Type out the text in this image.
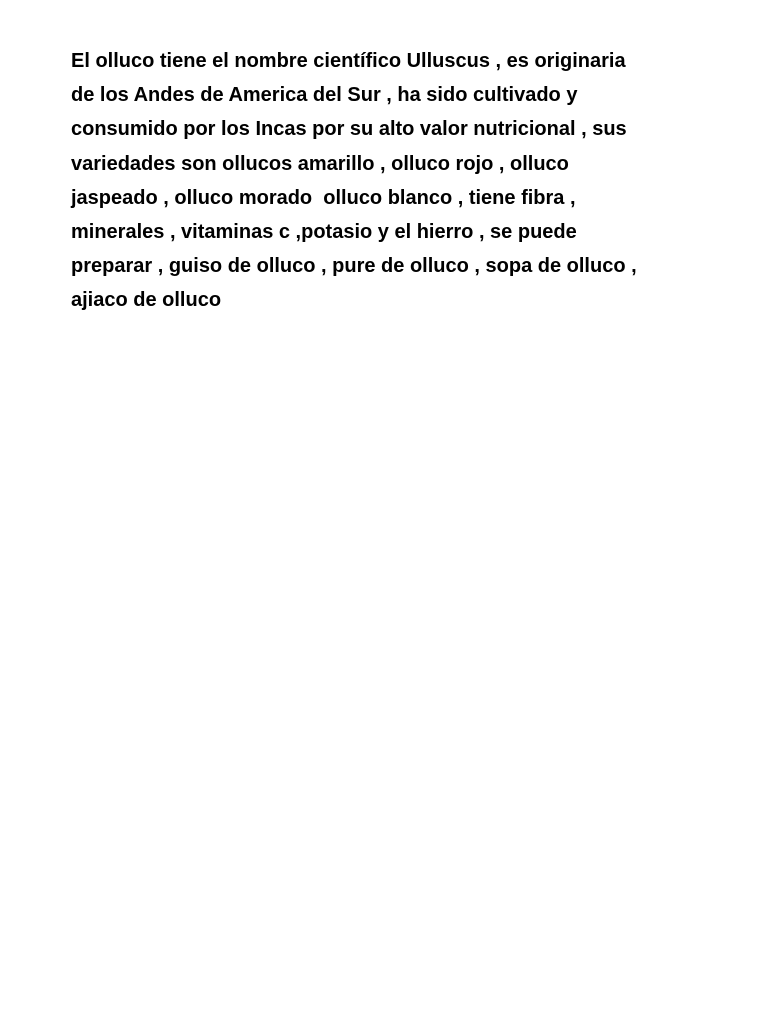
El olluco tiene el nombre científico Ulluscus , es originaria
de los Andes de America del Sur , ha sido cultivado y
consumido por los Incas por su alto valor nutricional , sus
variedades son ollucos amarillo , olluco rojo , olluco
jaspeado , olluco morado  olluco blanco , tiene fibra ,
minerales , vitaminas c ,potasio y el hierro , se puede
preparar , guiso de olluco , pure de olluco , sopa de olluco ,
ajiaco de olluco
